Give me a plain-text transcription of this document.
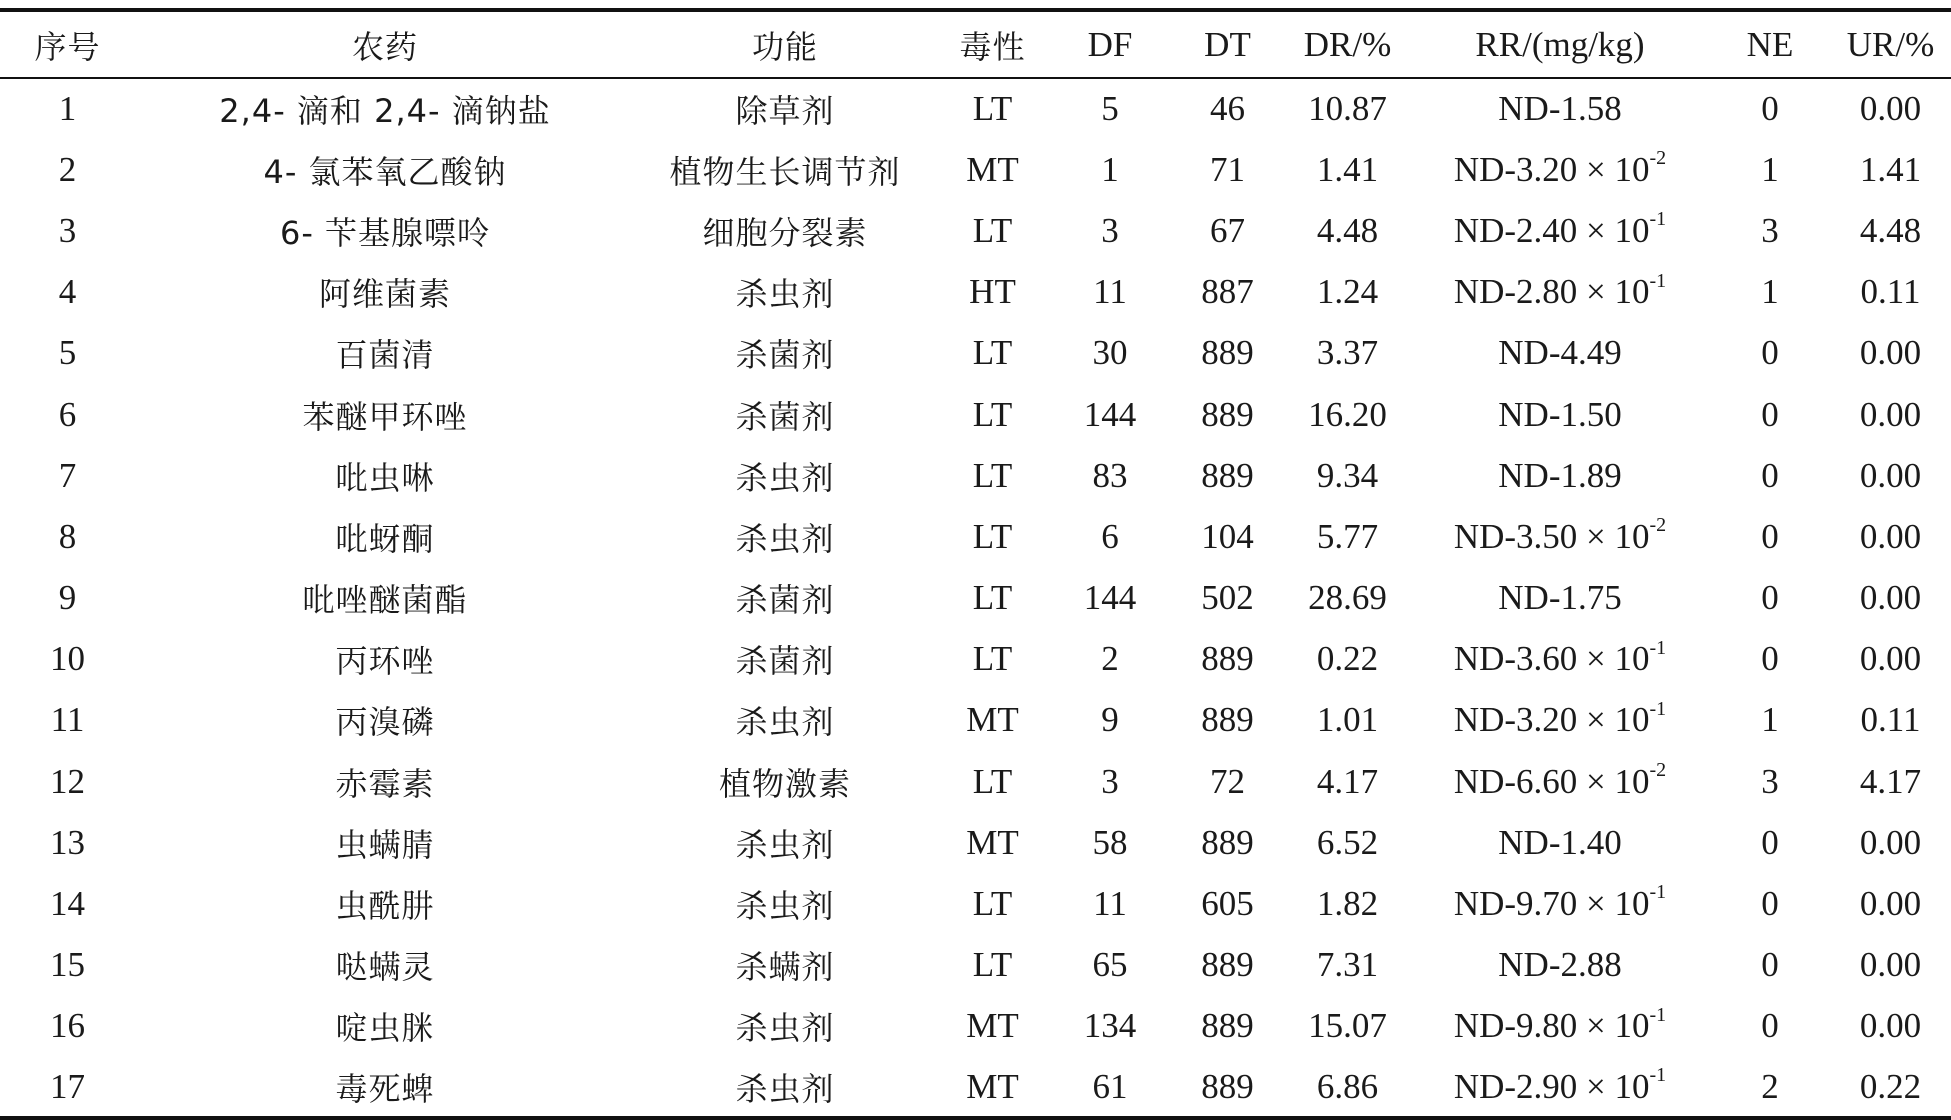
序号	农药	功能	毒性	DF	DT	DR/%	RR/(mg/kg)	NE	UR/%
1	2,4- 滴和 2,4- 滴钠盐	除草剂	LT	5	46	10.87	ND-1.58	0	0.00
2	4- 氯苯氧乙酸钠	植物生长调节剂	MT	1	71	1.41	$ND-3.20 \times 10^{-2}$	1	1.41
3	6- 苄基腺嘌呤	细胞分裂素	LT	3	67	4.48	$ND-2.40 \times 10^{-1}$	3	4.48
4	阿维菌素	杀虫剂	HT	11	887	1.24	$ND-2.80 \times 10^{-1}$	1	0.11
5	百菌清	杀菌剂	LT	30	889	3.37	ND-4.49	0	0.00
6	苯醚甲环唑	杀菌剂	LT	144	889	16.20	ND-1.50	0	0.00
7	吡虫啉	杀虫剂	LT	83	889	9.34	ND-1.89	0	0.00
8	吡蚜酮	杀虫剂	LT	6	104	5.77	$ND-3.50 \times 10^{-2}$	0	0.00
9	吡唑醚菌酯	杀菌剂	LT	144	502	28.69	ND-1.75	0	0.00
10	丙环唑	杀菌剂	LT	2	889	0.22	$ND-3.60 \times 10^{-1}$	0	0.00
11	丙溴磷	杀虫剂	MT	9	889	1.01	$ND-3.20 \times 10^{-1}$	1	0.11
12	赤霉素	植物激素	LT	3	72	4.17	$ND-6.60 \times 10^{-2}$	3	4.17
13	虫螨腈	杀虫剂	MT	58	889	6.52	ND-1.40	0	0.00
14	虫酰肼	杀虫剂	LT	11	605	1.82	$ND-9.70 \times 10^{-1}$	0	0.00
15	哒螨灵	杀螨剂	LT	65	889	7.31	ND-2.88	0	0.00
16	啶虫脒	杀虫剂	MT	134	889	15.07	$ND-9.80 \times 10^{-1}$	0	0.00
17	毒死蜱	杀虫剂	MT	61	889	6.86	$ND-2.90 \times 10^{-1}$	2	0.22
